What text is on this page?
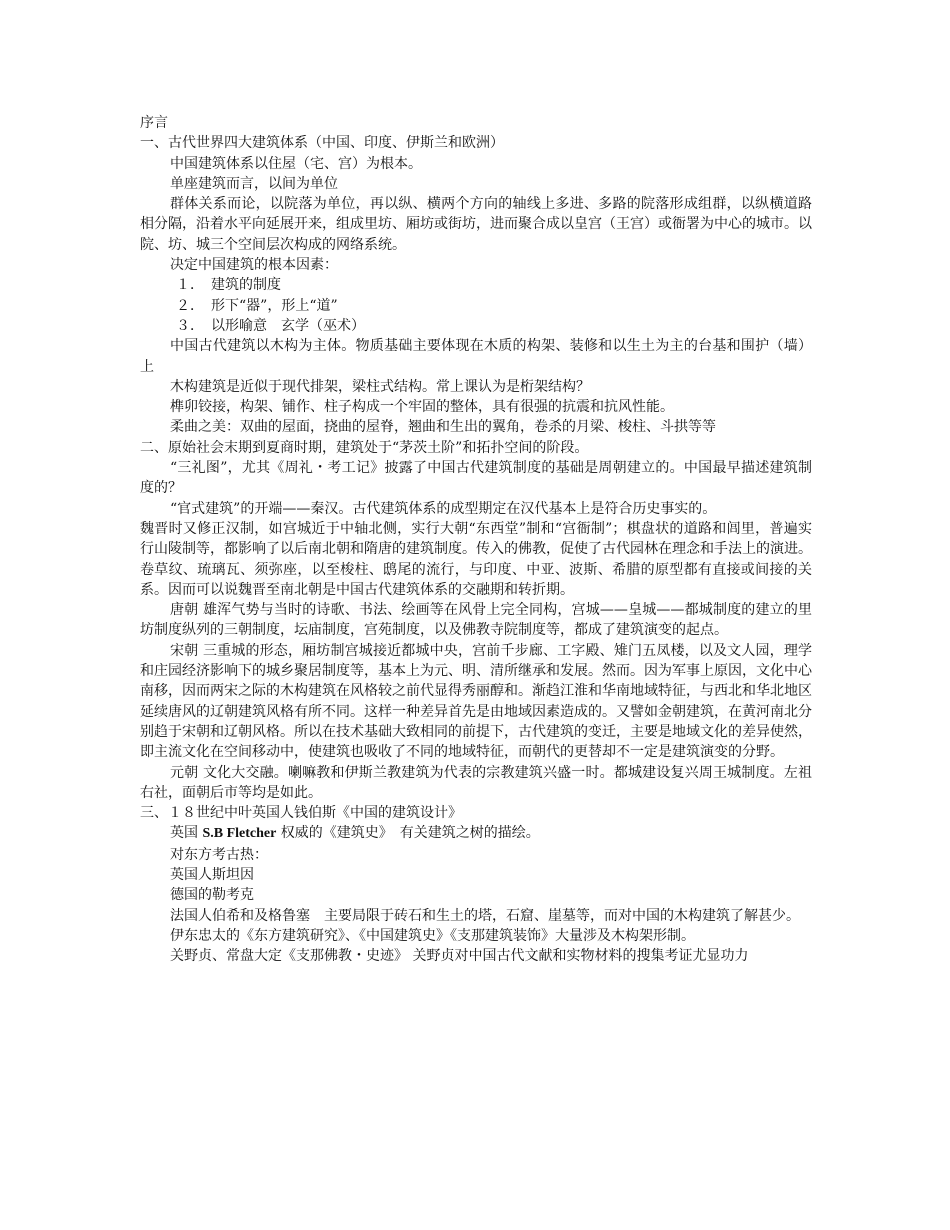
序言
一、古代世界四大建筑体系（中国、印度、伊斯兰和欧洲）
中国建筑体系以住屋（宅、宫）为根本。
单座建筑而言，以间为单位
群体关系而论，以院落为单位，再以纵、横两个方向的轴线上多进、多路的院落形成组群，以纵横道路相分隔，沿着水平向延展开来，组成里坊、厢坊或街坊，进而聚合成以皇宫（王宫）或衙署为中心的城市。以院、坊、城三个空间层次构成的网络系统。
决定中国建筑的根本因素：
１．　建筑的制度
２．　形下“器”，形上“道”
３．　以形喻意　玄学（巫术）
中国古代建筑以木构为主体。物质基础主要体现在木质的构架、装修和以生土为主的台基和围护（墙）上
木构建筑是近似于现代排架，梁柱式结构。常上课认为是桁架结构？
榫卯铰接，构架、铺作、柱子构成一个牢固的整体，具有很强的抗震和抗风性能。
柔曲之美：双曲的屋面，挠曲的屋脊，翘曲和生出的翼角，卷杀的月梁、梭柱、斗拱等等
二、原始社会末期到夏商时期，建筑处于“茅茨土阶”和拓扑空间的阶段。
“三礼图”，尤其《周礼・考工记》披露了中国古代建筑制度的基础是周朝建立的。中国最早描述建筑制度的？
“官式建筑”的开端——秦汉。古代建筑体系的成型期定在汉代基本上是符合历史事实的。
魏晋时又修正汉制，如宫城近于中轴北侧，实行大朝“东西堂”制和“宫衙制”；棋盘状的道路和闾里，普遍实行山陵制等，都影响了以后南北朝和隋唐的建筑制度。传入的佛教，促使了古代园林在理念和手法上的演进。卷草纹、琉璃瓦、须弥座，以至梭柱、鸱尾的流行，与印度、中亚、波斯、希腊的原型都有直接或间接的关系。因而可以说魏晋至南北朝是中国古代建筑体系的交融期和转折期。
唐朝 雄浑气势与当时的诗歌、书法、绘画等在风骨上完全同构，宫城——皇城——都城制度的建立的里坊制度纵列的三朝制度，坛庙制度，宫苑制度，以及佛教寺院制度等，都成了建筑演变的起点。
宋朝 三重城的形态，厢坊制宫城接近都城中央，宫前千步廊、工字殿、雉门五凤楼，以及文人园，理学和庄园经济影响下的城乡聚居制度等，基本上为元、明、清所继承和发展。然而。因为军事上原因，文化中心南移，因而两宋之际的木构建筑在风格较之前代显得秀丽醇和。渐趋江淮和华南地域特征，与西北和华北地区延续唐风的辽朝建筑风格有所不同。这样一种差异首先是由地域因素造成的。又譬如金朝建筑，在黄河南北分别趋于宋朝和辽朝风格。所以在技术基础大致相同的前提下，古代建筑的变迁，主要是地域文化的差异使然，即主流文化在空间移动中，使建筑也吸收了不同的地域特征，而朝代的更替却不一定是建筑演变的分野。
元朝 文化大交融。喇嘛教和伊斯兰教建筑为代表的宗教建筑兴盛一时。都城建设复兴周王城制度。左祖右社，面朝后市等均是如此。
三、１８世纪中叶英国人钱伯斯《中国的建筑设计》
英国 S.B Fletcher 权威的《建筑史》　有关建筑之树的描绘。
对东方考古热：
英国人斯坦因
德国的勒考克
法国人伯希和及格鲁塞　主要局限于砖石和生土的塔，石窟、崖墓等，而对中国的木构建筑了解甚少。
伊东忠太的《东方建筑研究》、《中国建筑史》《支那建筑装饰》大量涉及木构架形制。
关野贞、常盘大定《支那佛教・史迹》 关野贞对中国古代文献和实物材料的搜集考证尤显功力
